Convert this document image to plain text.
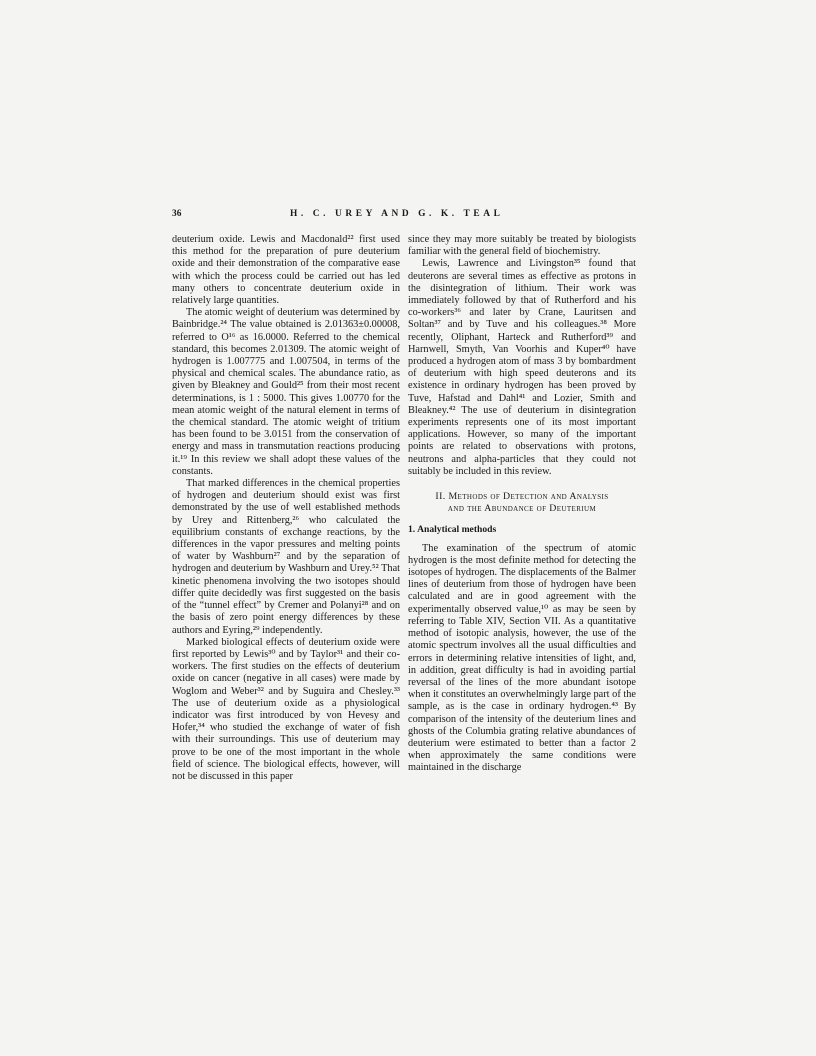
36	H. C. UREY AND G. K. TEAL

deuterium oxide. Lewis and Macdonald²² first used this method for the preparation of pure deuterium oxide and their demonstration of the comparative ease with which the process could be carried out has led many others to concentrate deuterium oxide in relatively large quantities.

The atomic weight of deuterium was determined by Bainbridge.²⁴ The value obtained is 2.01363±0.00008, referred to O¹⁶ as 16.0000. Referred to the chemical standard, this becomes 2.01309. The atomic weight of hydrogen is 1.007775 and 1.007504, in terms of the physical and chemical scales. The abundance ratio, as given by Bleakney and Gould²⁵ from their most recent determinations, is 1 : 5000. This gives 1.00770 for the mean atomic weight of the natural element in terms of the chemical standard. The atomic weight of tritium has been found to be 3.0151 from the conservation of energy and mass in transmutation reactions producing it.¹⁹ In this review we shall adopt these values of the constants.

That marked differences in the chemical properties of hydrogen and deuterium should exist was first demonstrated by the use of well established methods by Urey and Rittenberg,²⁶ who calculated the equilibrium constants of exchange reactions, by the differences in the vapor pressures and melting points of water by Washburn²⁷ and by the separation of hydrogen and deuterium by Washburn and Urey.⁵² That kinetic phenomena involving the two isotopes should differ quite decidedly was first suggested on the basis of the “tunnel effect” by Cremer and Polanyi²⁸ and on the basis of zero point energy differences by these authors and Eyring,²⁹ independently.

Marked biological effects of deuterium oxide were first reported by Lewis³⁰ and by Taylor³¹ and their co-workers. The first studies on the effects of deuterium oxide on cancer (negative in all cases) were made by Woglom and Weber³² and by Suguira and Chesley.³³ The use of deuterium oxide as a physiological indicator was first introduced by von Hevesy and Hofer,³⁴ who studied the exchange of water of fish with their surroundings. This use of deuterium may prove to be one of the most important in the whole field of science. The biological effects, however, will not be discussed in this paper

since they may more suitably be treated by biologists familiar with the general field of biochemistry.

Lewis, Lawrence and Livingston³⁵ found that deuterons are several times as effective as protons in the disintegration of lithium. Their work was immediately followed by that of Rutherford and his co-workers³⁶ and later by Crane, Lauritsen and Soltan³⁷ and by Tuve and his colleagues.³⁸ More recently, Oliphant, Harteck and Rutherford³⁹ and Harnwell, Smyth, Van Voorhis and Kuper⁴⁰ have produced a hydrogen atom of mass 3 by bombardment of deuterium with high speed deuterons and its existence in ordinary hydrogen has been proved by Tuve, Hafstad and Dahl⁴¹ and Lozier, Smith and Bleakney.⁴² The use of deuterium in disintegration experiments represents one of its most important applications. However, so many of the important points are related to observations with protons, neutrons and alpha-particles that they could not suitably be included in this review.

II. Methods of Detection and Analysis
and the Abundance of Deuterium
1. Analytical methods

The examination of the spectrum of atomic hydrogen is the most definite method for detecting the isotopes of hydrogen. The displacements of the Balmer lines of deuterium from those of hydrogen have been calculated and are in good agreement with the experimentally observed value,¹⁰ as may be seen by referring to Table XIV, Section VII. As a quantitative method of isotopic analysis, however, the use of the atomic spectrum involves all the usual difficulties and errors in determining relative intensities of light, and, in addition, great difficulty is had in avoiding partial reversal of the lines of the more abundant isotope when it constitutes an overwhelmingly large part of the sample, as is the case in ordinary hydrogen.⁴³ By comparison of the intensity of the deuterium lines and ghosts of the Columbia grating relative abundances of deuterium were estimated to better than a factor 2 when approximately the same conditions were maintained in the discharge
